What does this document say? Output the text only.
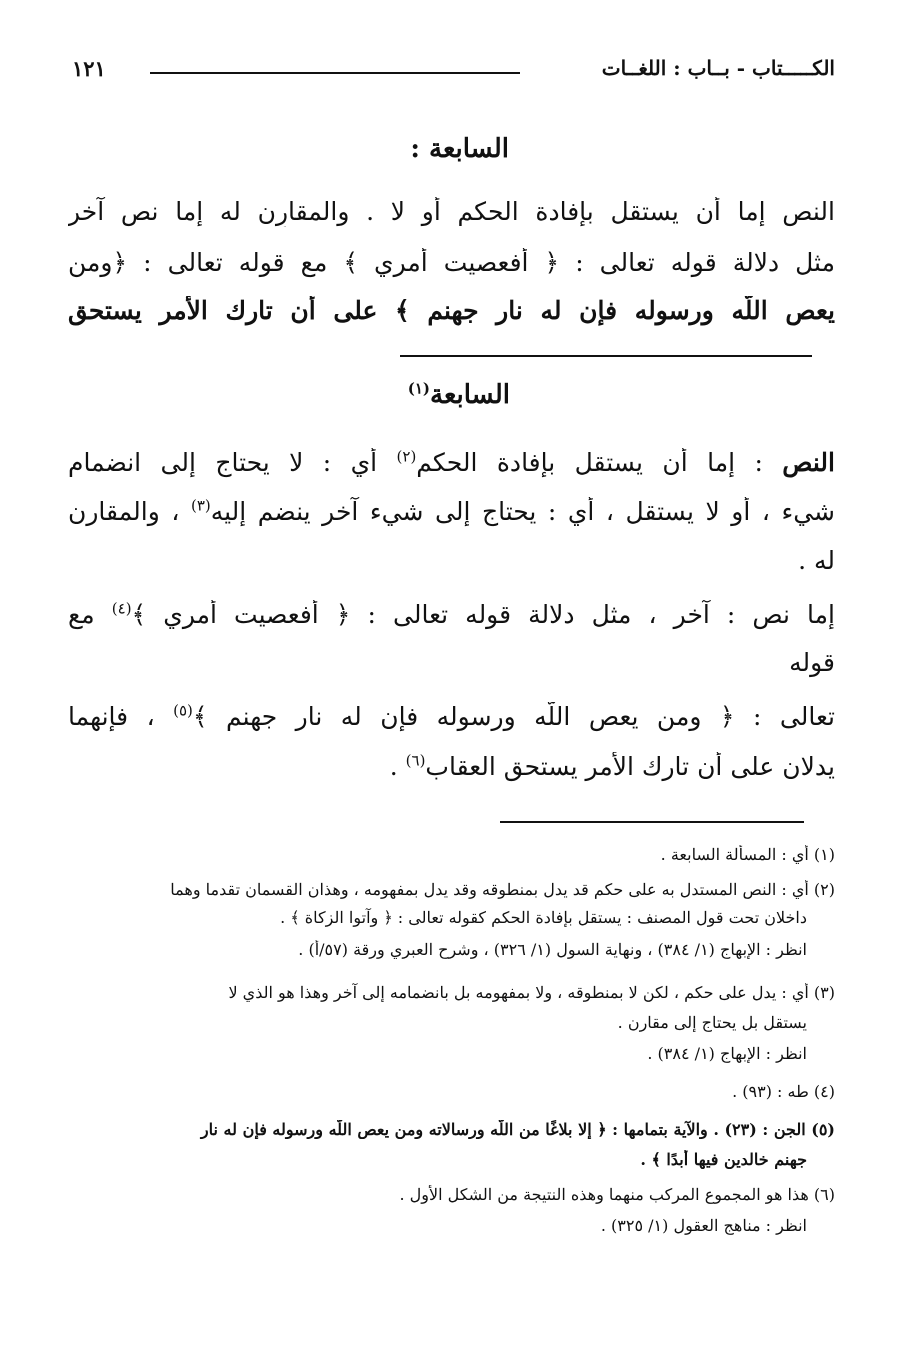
الكـــــتاب - بــاب : اللغــات
١٢١
السابعة :
النص إما أن يستقل بإفادة الحكم أو لا . والمقارِن له إما نص آخر
مثل دلالة قوله تعالى : ﴿ أفعصيت أمري ﴾ مع قوله تعالى : ﴿ومن
يعص اللّه ورسوله فإن له نار جهنم ﴾ على أن تارك الأمر يستحق
السابعة$^{(١)}$
النص : إما أن يستقل بإفادة الحكم$^{(٢)}$ أي : لا يحتاج إلى انضمام
شيء ، أو لا يستقل ، أي : يحتاج إلى شيء آخر ينضم إليه$^{(٣)}$ ، والمقارن
له .
إما نص : آخر ، مثل دلالة قوله تعالى : ﴿ أفعصيت أمري ﴾$^{(٤)}$ مع
قوله
تعالى : ﴿ ومن يعص اللّه ورسوله فإن له نار جهنم ﴾$^{(٥)}$ ، فإنهما
يدلان على أن تارك الأمر يستحق العقاب$^{(٦)}$ .
(١) أي : المسألة السابعة .
(٢) أي : النص المستدل به على حكم قد يدل بمنطوقه وقد يدل بمفهومه ، وهذان القسمان تقدما وهما
داخلان تحت قول المصنف : يستقل بإفادة الحكم كقوله تعالى : ﴿ وآتوا الزكاة ﴾ .
انظر : الإبهاج (١/ ٣٨٤) ، ونهاية السول (١/ ٣٢٦) ، وشرح العبري ورقة (٥٧/أ) .
(٣) أي : يدل على حكم ، لكن لا بمنطوقه ، ولا بمفهومه بل بانضمامه إلى آخر وهذا هو الذي لا
يستقل بل يحتاج إلى مقارن .
انظر : الإبهاج (١/ ٣٨٤) .
(٤) طه : (٩٣) .
(٥) الجن : (٢٣) . والآية بتمامها : ﴿ إلا بلاغًا من اللّه ورسالاته ومن يعص اللّه ورسوله فإن له نار
جهنم خالدين فيها أبدًا ﴾ .
(٦) هذا هو المجموع المركب منهما وهذه النتيجة من الشكل الأول .
انظر : مناهج العقول (١/ ٣٢٥) .
